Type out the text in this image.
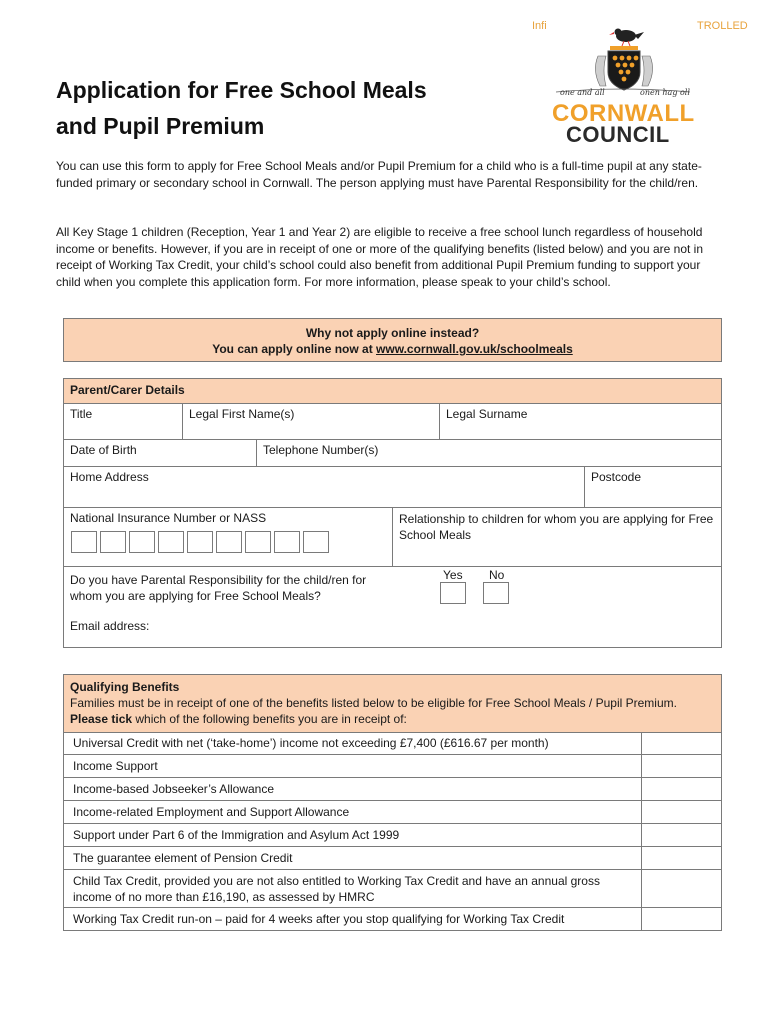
Infi	TROLLED
Application for Free School Meals
and Pupil Premium
one and all	onen hag oll
CORNWALL
COUNCIL

You can use this form to apply for Free School Meals and/or Pupil Premium for a child who is a full-time pupil at any state-funded primary or secondary school in Cornwall. The person applying must have Parental Responsibility for the child/ren.

All Key Stage 1 children (Reception, Year 1 and Year 2) are eligible to receive a free school lunch regardless of household income or benefits. However, if you are in receipt of one or more of the qualifying benefits (listed below) and you are not in receipt of Working Tax Credit, your child’s school could also benefit from additional Pupil Premium funding to support your child when you complete this application form. For more information, please speak to your child’s school.

Why not apply online instead?
You can apply online now at www.cornwall.gov.uk/schoolmeals
Parent/Carer Details
Title	Legal First Name(s)	Legal Surname
Date of Birth	Telephone Number(s)
Home Address	Postcode
National Insurance Number or NASS	Relationship to children for whom you are applying for Free School Meals
Do you have Parental Responsibility for the child/ren for whom you are applying for Free School Meals?
Yes No
Email address:
Qualifying Benefits
Families must be in receipt of one of the benefits listed below to be eligible for Free School Meals / Pupil Premium. Please tick which of the following benefits you are in receipt of:
Universal Credit with net (‘take-home’) income not exceeding £7,400 (£616.67 per month)
Income Support
Income-based Jobseeker’s Allowance
Income-related Employment and Support Allowance
Support under Part 6 of the Immigration and Asylum Act 1999
The guarantee element of Pension Credit
Child Tax Credit, provided you are not also entitled to Working Tax Credit and have an annual gross income of no more than £16,190, as assessed by HMRC
Working Tax Credit run-on – paid for 4 weeks after you stop qualifying for Working Tax Credit
